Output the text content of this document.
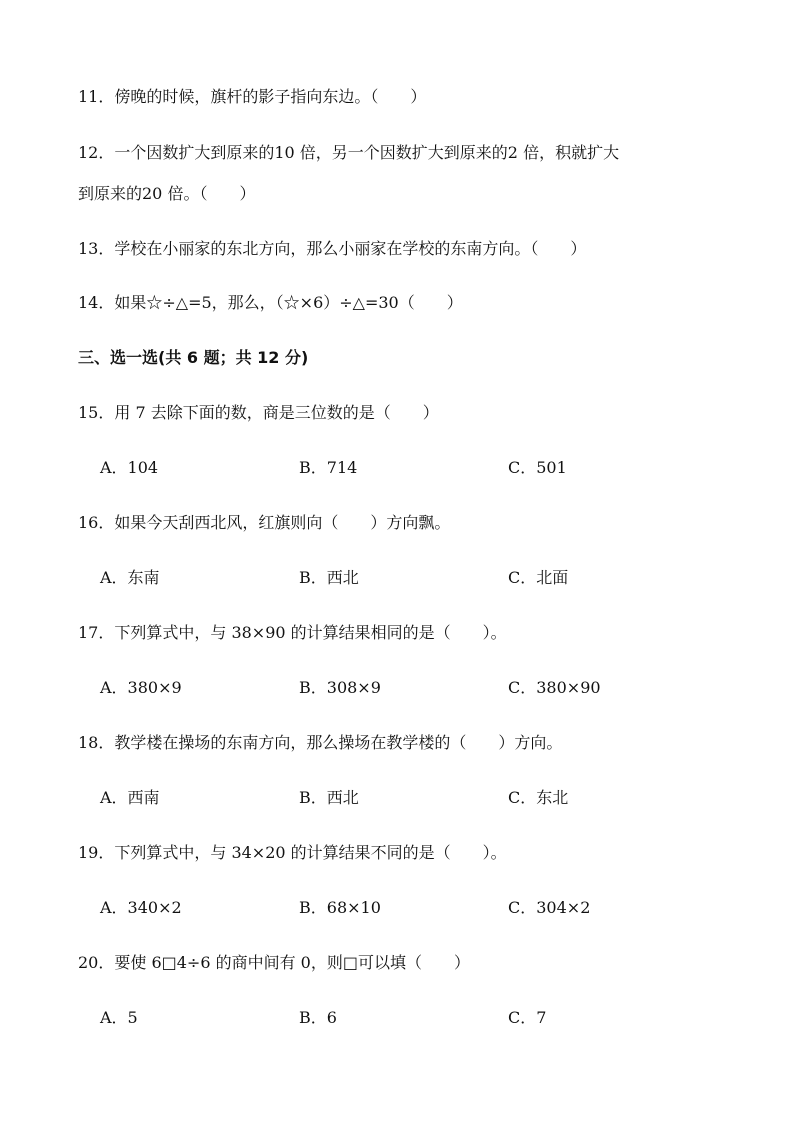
11．傍晚的时候，旗杆的影子指向东边。（　　）
12．一个因数扩大到原来的10 倍，另一个因数扩大到原来的2 倍，积就扩大
到原来的20 倍。（　　）
13．学校在小丽家的东北方向，那么小丽家在学校的东南方向。（　　）
14．如果☆÷△=5，那么，（☆×6）÷△=30（　　）
三、选一选(共 6 题；共 12 分)
15．用 7 去除下面的数，商是三位数的是（　　）
A．104	B．714	C．501
16．如果今天刮西北风，红旗则向（　　）方向飘。
A．东南	B．西北	C．北面
17．下列算式中，与 38×90 的计算结果相同的是（　　）。
A．380×9	B．308×9	C．380×90
18．教学楼在操场的东南方向，那么操场在教学楼的（　　）方向。
A．西南	B．西北	C．东北
19．下列算式中，与 34×20 的计算结果不同的是（　　）。
A．340×2	B．68×10	C．304×2
20．要使 6□4÷6 的商中间有 0，则□可以填（　　）
A．5	B．6	C．7
